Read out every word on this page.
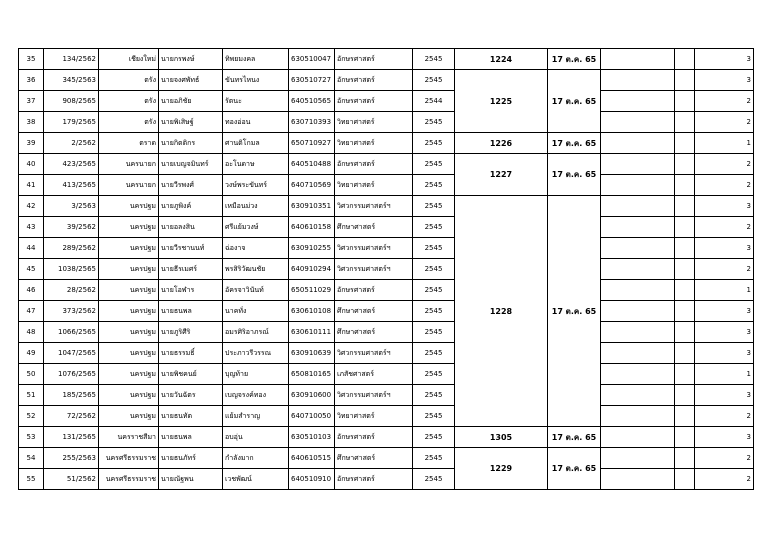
35	134/2562	เชียงใหม่	นายกรพงษ์	ทิพยมงคล	630510047	อักษรศาสตร์	2545	1224	17 ต.ค. 65			3
36	345/2563	ตรัง	นายจงศพัทธ์	ขันทรไหนง	630510727	อักษรศาสตร์	2545	1225	17 ต.ค. 65			3
37	908/2565	ตรัง	นายอภิชัย	รัตนะ	640510565	อักษรศาสตร์	2544					2
38	179/2565	ตรัง	นายพิเสิษฐ์	ทองอ่อน	630710393	วิทยาศาสตร์	2545					2
39	2/2562	ตราด	นายกิตติกร	ศานติโกมล	650710927	วิทยาศาสตร์	2545	1226	17 ต.ค. 65			1
40	423/2565	นครนายก	นายเบญจมินทร์	อะโนดาษ	640510488	อักษรศาสตร์	2545	1227	17 ต.ค. 65			2
41	413/2565	นครนายก	นายวีรพงศ์	วงษ์พระขันทร์	640710569	วิทยาศาสตร์	2545					2
42	3/2563	นครปฐม	นายภูพิงค์	เหมือนม่วง	630910351	วิศวกรรมศาสตร์ฯ	2545	1228	17 ต.ค. 65			3
43	39/2562	นครปฐม	นายอลงสิน	ศรีแย้มวงษ์	640610158	ศึกษาศาสตร์	2545					2
44	289/2562	นครปฐม	นายวีรชานนท์	ฉ่องาจ	630910255	วิศวกรรมศาสตร์ฯ	2545					3
45	1038/2565	นครปฐม	นายธีรเมศร์	พรสิริวัฒนชัย	640910294	วิศวกรรมศาสตร์ฯ	2545					2
46	28/2562	นครปฐม	นายโอฬาร	อัครจาวินันท์	650511029	อักษรศาสตร์	2545					1
47	373/2562	นครปฐม	นายธนพล	นาคทั่ง	630610108	ศึกษาศาสตร์	2545					3
48	1066/2565	นครปฐม	นายภูริศีริ	อมรศิริอาภรณ์	630610111	ศึกษาศาสตร์	2545					3
49	1047/2565	นครปฐม	นายธรรมธิ์	ประภาวรีวรรณ	630910639	วิศวกรรมศาสตร์ฯ	2545					3
50	1076/2565	นครปฐม	นายพิชคนย์	บุญท้าย	650810165	เภสัชศาสตร์	2545					1
51	185/2565	นครปฐม	นายวันฉัตร	เบญจรงค์ทอง	630910600	วิศวกรรมศาสตร์ฯ	2545					3
52	72/2562	นครปฐม	นายธนทัต	แย้มสำราญ	640710050	วิทยาศาสตร์	2545					2
53	131/2565	นครราชสีมา	นายธนพล	อบอุ่น	630510103	อักษรศาสตร์	2545	1305	17 ต.ค. 65			3
54	255/2563	นครศรีธรรมราช	นายธนภัทร์	กำลังมาก	640610515	ศึกษาศาสตร์	2545	1229	17 ต.ค. 65			2
55	51/2562	นครศรีธรรมราช	นายณัฐพน	เวชพัฒน์	640510910	อักษรศาสตร์	2545					2
